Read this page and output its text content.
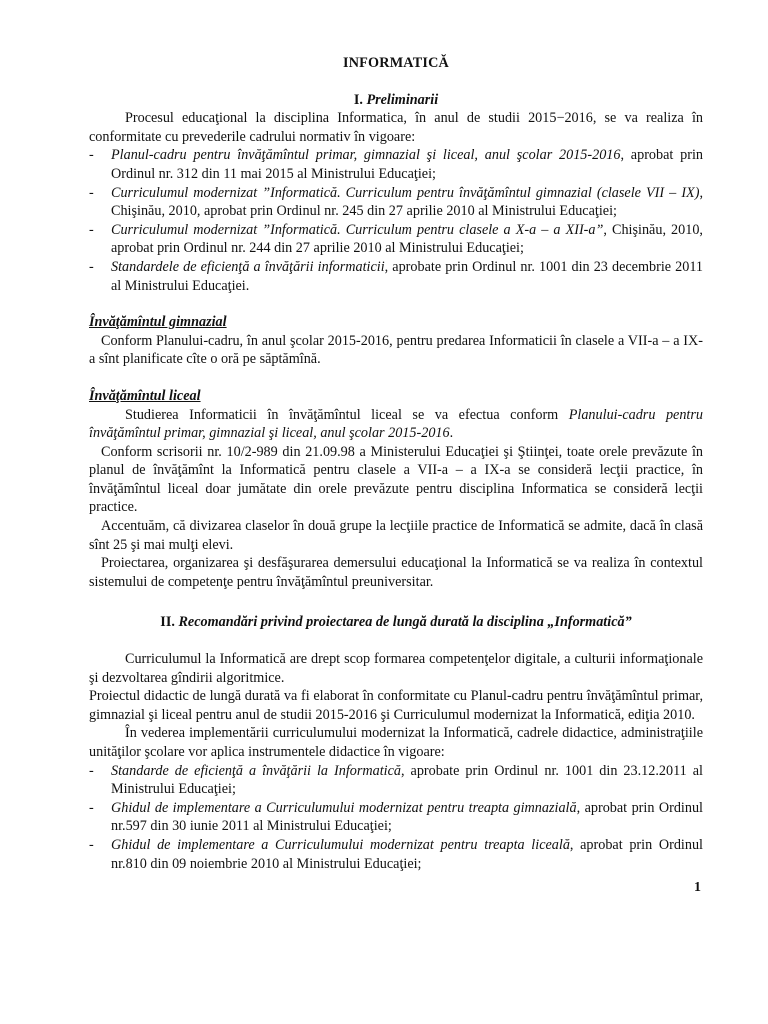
INFORMATICĂ

I. Preliminarii

Procesul educaţional la disciplina Informatica, în anul de studii 2015−2016, se va realiza în conformitate cu prevederile cadrului normativ în vigoare:

- Planul-cadru pentru învăţămîntul primar, gimnazial şi liceal, anul şcolar 2015-2016, aprobat prin Ordinul nr. 312 din 11 mai 2015 al Ministrului Educaţiei;
- Curriculumul modernizat ”Informatică. Curriculum pentru învăţămîntul gimnazial (clasele VII – IX), Chişinău, 2010, aprobat prin Ordinul nr. 245 din 27 aprilie 2010 al Ministrului Educaţiei;
- Curriculumul modernizat ”Informatică. Curriculum pentru clasele a X-a – a XII-a”, Chişinău, 2010, aprobat prin Ordinul nr. 244 din 27 aprilie 2010 al Ministrului Educaţiei;
- Standardele de eficienţă a învăţării informaticii, aprobate prin Ordinul nr. 1001 din 23 decembrie 2011 al Ministrului Educaţiei.

Învăţămîntul gimnazial

Conform Planului-cadru, în anul şcolar 2015-2016, pentru predarea Informaticii în clasele a VII-a – a IX-a sînt planificate cîte o oră pe săptămînă.

Învăţămîntul liceal

Studierea Informaticii în învăţămîntul liceal se va efectua conform Planului-cadru pentru învăţămîntul primar, gimnazial şi liceal, anul şcolar 2015-2016.

Conform scrisorii nr. 10/2-989 din 21.09.98 a Ministerului Educaţiei şi Ştiinţei, toate orele prevăzute în planul de învăţămînt la Informatică pentru clasele a VII-a – a IX-a se consideră lecţii practice, în învăţămîntul liceal doar jumătate din orele prevăzute pentru disciplina Informatica se consideră lecţii practice.

Accentuăm, că divizarea claselor în două grupe la lecţiile practice de Informatică se admite, dacă în clasă sînt 25 şi mai mulţi elevi.

Proiectarea, organizarea şi desfăşurarea demersului educaţional la Informatică se va realiza în contextul sistemului de competenţe pentru învăţămîntul preuniversitar.

II. Recomandări privind proiectarea de lungă durată la disciplina „Informatică”

Curriculumul la Informatică are drept scop formarea competenţelor digitale, a culturii informaţionale şi dezvoltarea gîndirii algoritmice.

Proiectul didactic de lungă durată va fi elaborat în conformitate cu Planul-cadru pentru învăţămîntul primar, gimnazial şi liceal pentru anul de studii 2015-2016 şi Curriculumul modernizat la Informatică, ediţia 2010.

În vederea implementării curriculumului modernizat la Informatică, cadrele didactice, administraţiile unităţilor şcolare vor aplica instrumentele didactice în vigoare:

- Standarde de eficienţă a învăţării la Informatică, aprobate prin Ordinul nr. 1001 din 23.12.2011 al Ministrului Educaţiei;
- Ghidul de implementare a Curriculumului modernizat pentru treapta gimnazială, aprobat prin Ordinul nr.597 din 30 iunie 2011 al Ministrului Educaţiei;
- Ghidul de implementare a Curriculumului modernizat pentru treapta liceală, aprobat prin Ordinul nr.810 din 09 noiembrie 2010 al Ministrului Educaţiei;
1
